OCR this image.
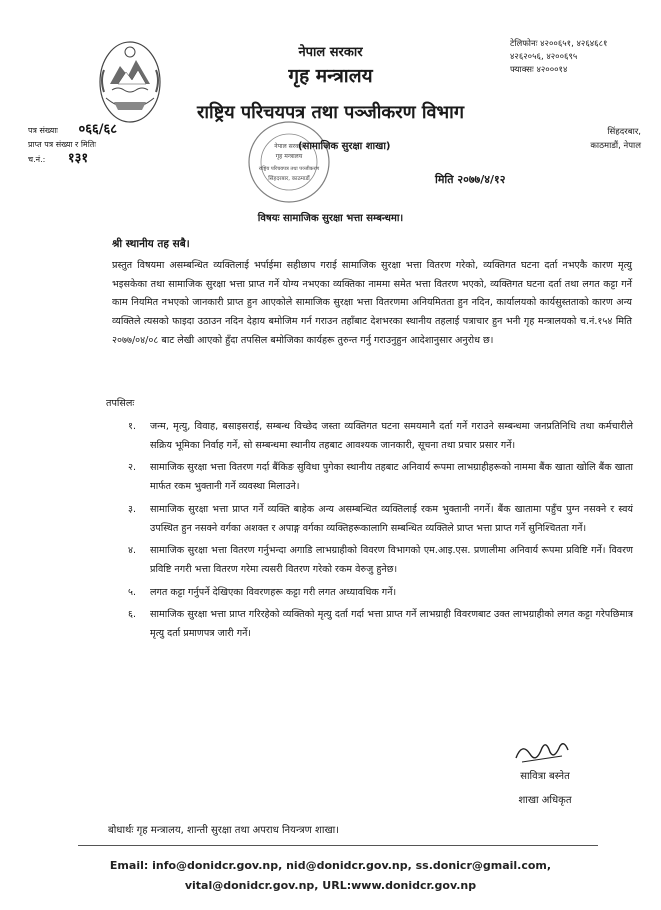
नेपाल सरकार
गृह मन्त्रालय
राष्ट्रिय परिचयपत्र तथा पञ्जीकरण विभाग
टेलिफोनः ४२००६५१, ४२६४६८१
४२६२०५६, ४२००६९५
फ्याक्सः ४२०००१४
सिंहदरबार,
काठमाडौं, नेपाल
पत्र संख्याः ०६६/६८
प्राप्त पत्र संख्या र मितिः
च.नं.: १३१
नेपाल सरकार
गृह मन्त्रालय
राष्ट्रिय परिचयपत्र तथा पञ्जीकरण
सिंहदरबार, काठमाडौं
(सामाजिक सुरक्षा शाखा)
मिति २०७७/४/१२
विषयः सामाजिक सुरक्षा भत्ता सम्बन्धमा।
श्री स्थानीय तह सबै।
प्रस्तुत विषयमा असम्बन्धित व्यक्तिलाई भर्पाईमा सहीछाप गराई सामाजिक सुरक्षा भत्ता वितरण गरेको, व्यक्तिगत घटना दर्ता नभएकै कारण मृत्यु भइसकेका तथा सामाजिक सुरक्षा भत्ता प्राप्त गर्ने योग्य नभएका व्यक्तिका नाममा समेत भत्ता वितरण भएको, व्यक्तिगत घटना दर्ता तथा लगत कट्टा गर्ने काम नियमित नभएको जानकारी प्राप्त हुन आएकोले सामाजिक सुरक्षा भत्ता वितरणमा अनियमितता हुन नदिन, कार्यालयको कार्यसुस्तताको कारण अन्य व्यक्तिले त्यसको फाइदा उठाउन नदिन देहाय बमोजिम गर्न गराउन तहाँबाट देशभरका स्थानीय तहलाई पत्राचार हुन भनी गृह मन्त्रालयको च.नं.१५४ मिति २०७७/०४/०८ बाट लेखी आएको हुँदा तपसिल बमोजिका कार्यहरू तुरुन्त गर्नु गराउनुहुन आदेशानुसार अनुरोध छ।
तपसिलः
१.	जन्म, मृत्यु, विवाह, बसाइसराई, सम्बन्ध विच्छेद जस्ता व्यक्तिगत घटना समयमानै दर्ता गर्ने गराउने सम्बन्धमा जनप्रतिनिधि तथा कर्मचारीले सक्रिय भूमिका निर्वाह गर्ने, सो सम्बन्धमा स्थानीय तहबाट आवश्यक जानकारी, सूचना तथा प्रचार प्रसार गर्ने।
२.	सामाजिक सुरक्षा भत्ता वितरण गर्दा बैंकिङ सुविधा पुगेका स्थानीय तहबाट अनिवार्य रूपमा लाभग्राहीहरूको नाममा बैंक खाता खोलि बैंक खाता मार्फत रकम भुक्तानी गर्ने व्यवस्था मिलाउने।
३.	सामाजिक सुरक्षा भत्ता प्राप्त गर्ने व्यक्ति बाहेक अन्य असम्बन्धित व्यक्तिलाई रकम भुक्तानी नगर्ने। बैंक खातामा पहुँच पुग्न नसक्ने र स्वयं उपस्थित हुन नसक्ने वर्गका अशक्त र अपाङ्ग वर्गका व्यक्तिहरूकालागि सम्बन्धित व्यक्तिले प्राप्त भत्ता प्राप्त गर्ने सुनिश्चितता गर्ने।
४.	सामाजिक सुरक्षा भत्ता वितरण गर्नुभन्दा अगाडि लाभग्राहीको विवरण विभागको एम.आइ.एस. प्रणालीमा अनिवार्य रूपमा प्रविष्टि गर्ने। विवरण प्रविष्टि नगरी भत्ता वितरण गरेमा त्यसरी वितरण गरेको रकम वेरुजु हुनेछ।
५.	लगत कट्टा गर्नुपर्ने देखिएका विवरणहरू कट्टा गरी लगत अध्यावधिक गर्ने।
६.	सामाजिक सुरक्षा भत्ता प्राप्त गरिरहेको व्यक्तिको मृत्यु दर्ता गर्दा भत्ता प्राप्त गर्ने लाभग्राही विवरणबाट उक्त लाभग्राहीको लगत कट्टा गरेपछिमात्र मृत्यु दर्ता प्रमाणपत्र जारी गर्ने।
सावित्रा बस्नेत
शाखा अधिकृत
बोधार्थः गृह मन्त्रालय, शान्ती सुरक्षा तथा अपराध नियन्त्रण शाखा।
Email: info@donidcr.gov.np, nid@donidcr.gov.np, ss.donicr@gmail.com,
vital@donidcr.gov.np, URL:www.donidcr.gov.np
